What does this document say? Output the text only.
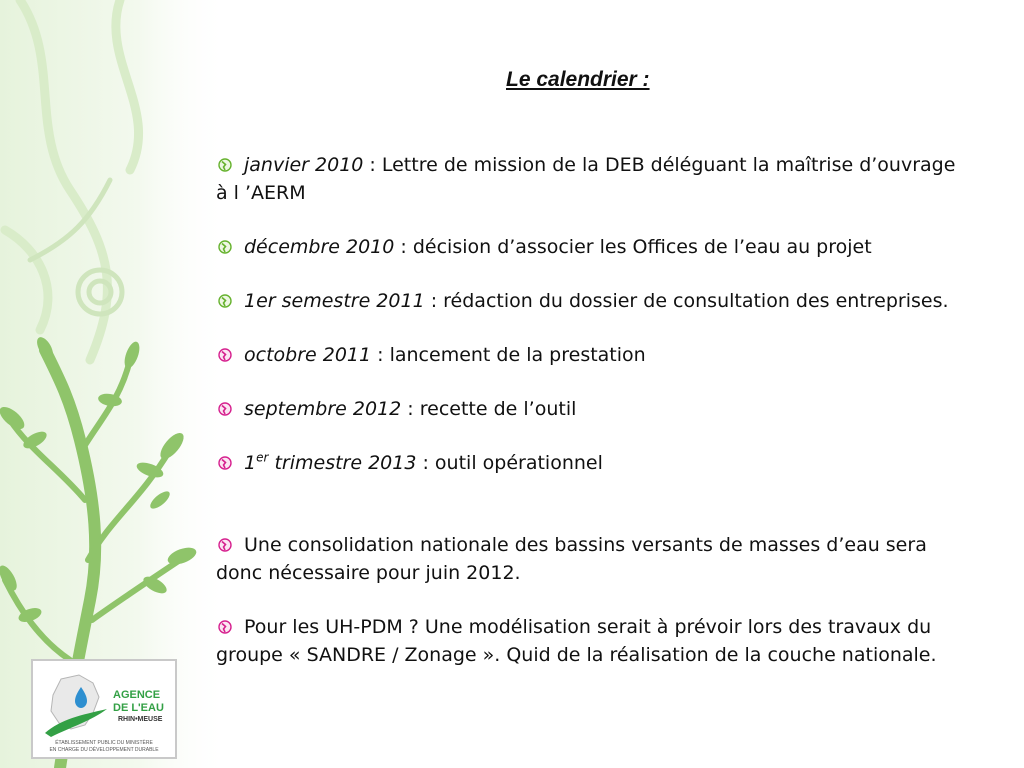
Le calendrier :

janvier 2010 : Lettre de mission de la DEB déléguant la maîtrise d’ouvrage à l ’AERM

décembre 2010 : décision d’associer les Offices de l’eau au projet

1er semestre 2011 : rédaction du dossier de consultation des entreprises.

octobre 2011 : lancement de la prestation

septembre 2012 : recette de l’outil

1er trimestre 2013 : outil opérationnel

Une consolidation nationale des bassins versants de masses d’eau sera donc nécessaire pour juin 2012.

Pour les UH-PDM ? Une modélisation serait à prévoir lors des travaux du groupe « SANDRE / Zonage ». Quid de la réalisation de la couche nationale.

AGENCE
DE L'EAU
RHIN•MEUSE
ÉTABLISSEMENT PUBLIC DU MINISTÈRE
EN CHARGE DU DÉVELOPPEMENT DURABLE
